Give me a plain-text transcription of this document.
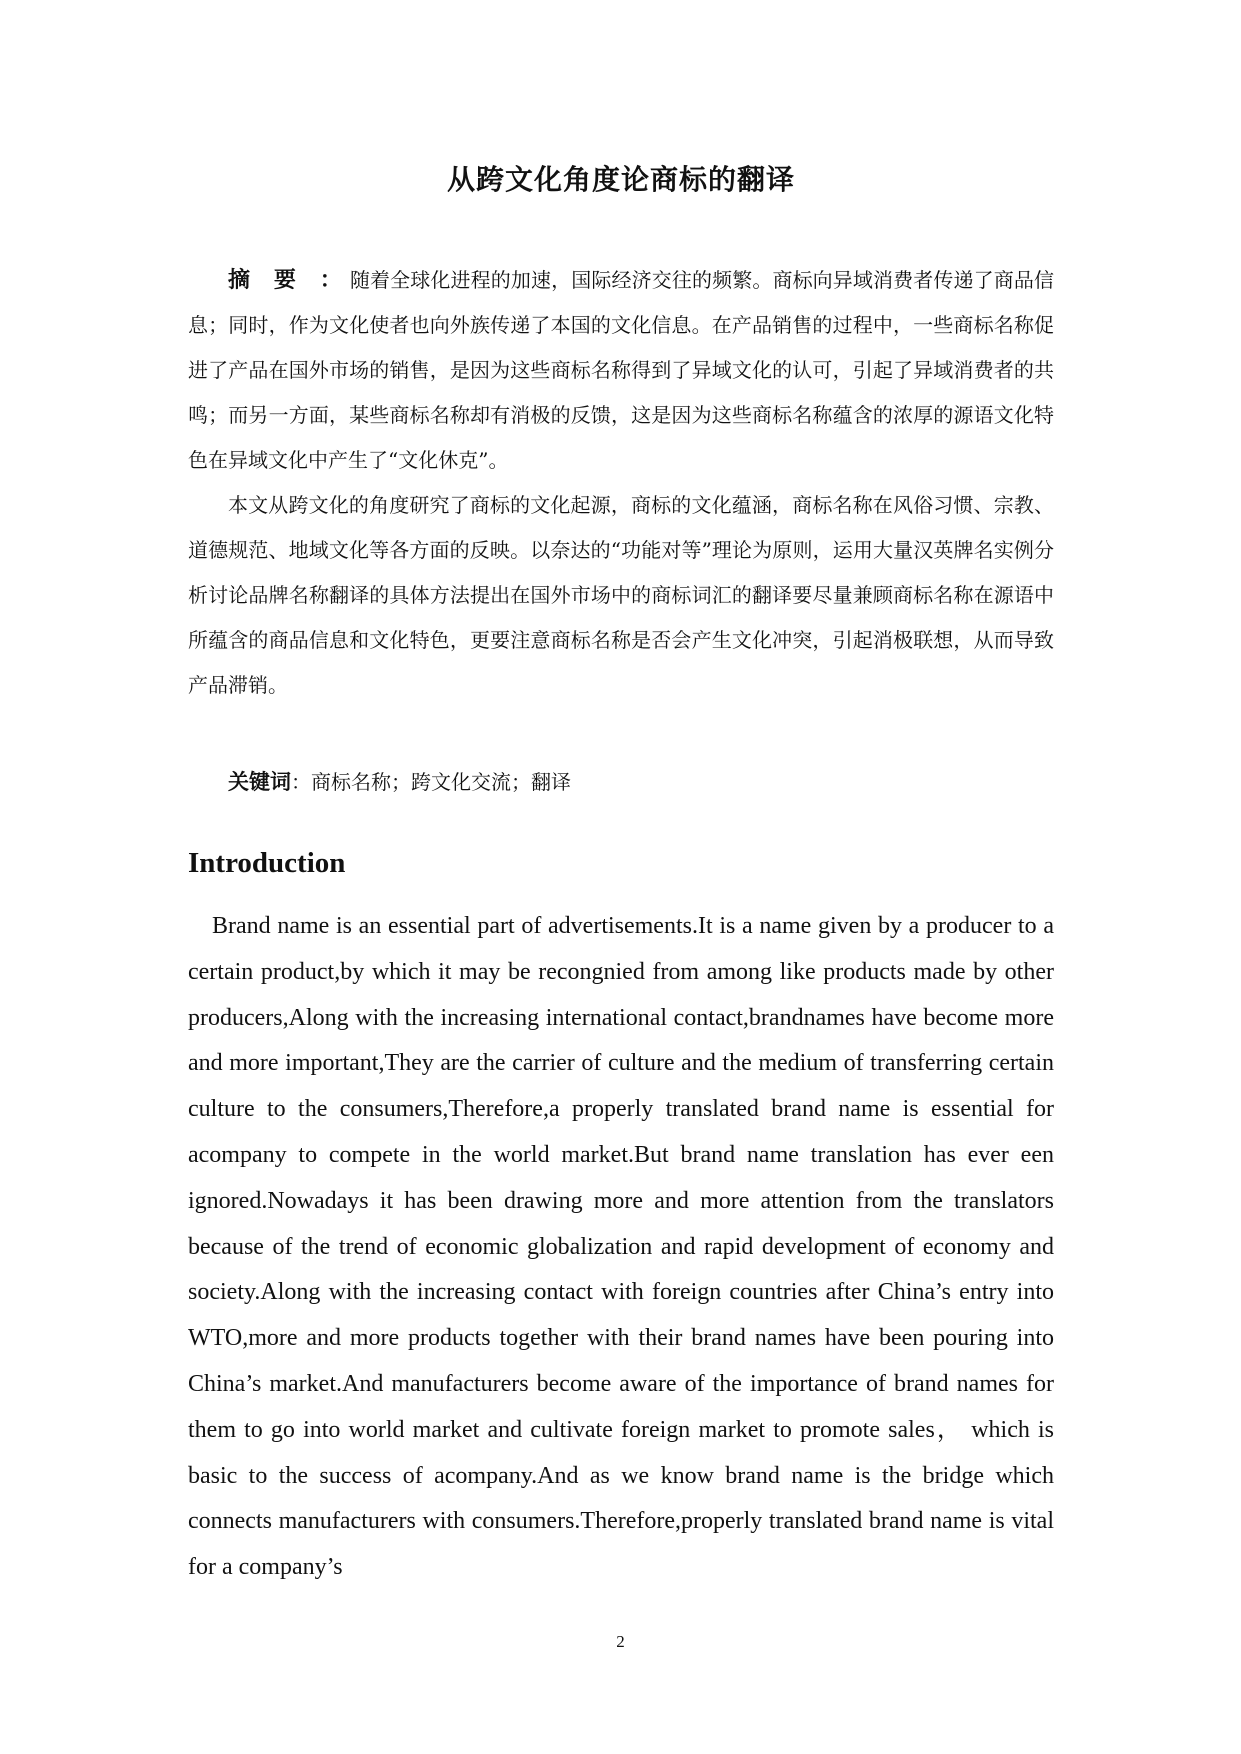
从跨文化角度论商标的翻译

摘 要 ：随着全球化进程的加速，国际经济交往的频繁。商标向异域消费者传递了商品信息；同时，作为文化使者也向外族传递了本国的文化信息。在产品销售的过程中，一些商标名称促进了产品在国外市场的销售，是因为这些商标名称得到了异域文化的认可，引起了异域消费者的共鸣；而另一方面，某些商标名称却有消极的反馈，这是因为这些商标名称蕴含的浓厚的源语文化特色在异域文化中产生了“文化休克”。

本文从跨文化的角度研究了商标的文化起源，商标的文化蕴涵，商标名称在风俗习惯、宗教、道德规范、地域文化等各方面的反映。以奈达的“功能对等”理论为原则，运用大量汉英牌名实例分析讨论品牌名称翻译的具体方法提出在国外市场中的商标词汇的翻译要尽量兼顾商标名称在源语中所蕴含的商品信息和文化特色，更要注意商标名称是否会产生文化冲突，引起消极联想，从而导致产品滞销。

关键词：商标名称；跨文化交流；翻译
Introduction

Brand name is an essential part of advertisements.It is a name given by a producer to a certain product,by which it may be recongnied from among like products made by other producers,Along with the increasing international contact,brandnames have become more and more important,They are the carrier of culture and the medium of transferring certain culture to the consumers,Therefore,a properly translated brand name is essential for acompany to compete in the world market.But brand name translation has ever een ignored.Nowadays it has been drawing more and more attention from the translators because of the trend of economic globalization and rapid development of economy and society.Along with the increasing contact with foreign countries after China’s entry into WTO,more and more products together with their brand names have been pouring into China’s market.And manufacturers become aware of the importance of brand names for them to go into world market and cultivate foreign market to promote sales， which is basic to the success of acompany.And as we know brand name is the bridge which connects manufacturers with consumers.Therefore,properly translated brand name is vital for a company’s

2
